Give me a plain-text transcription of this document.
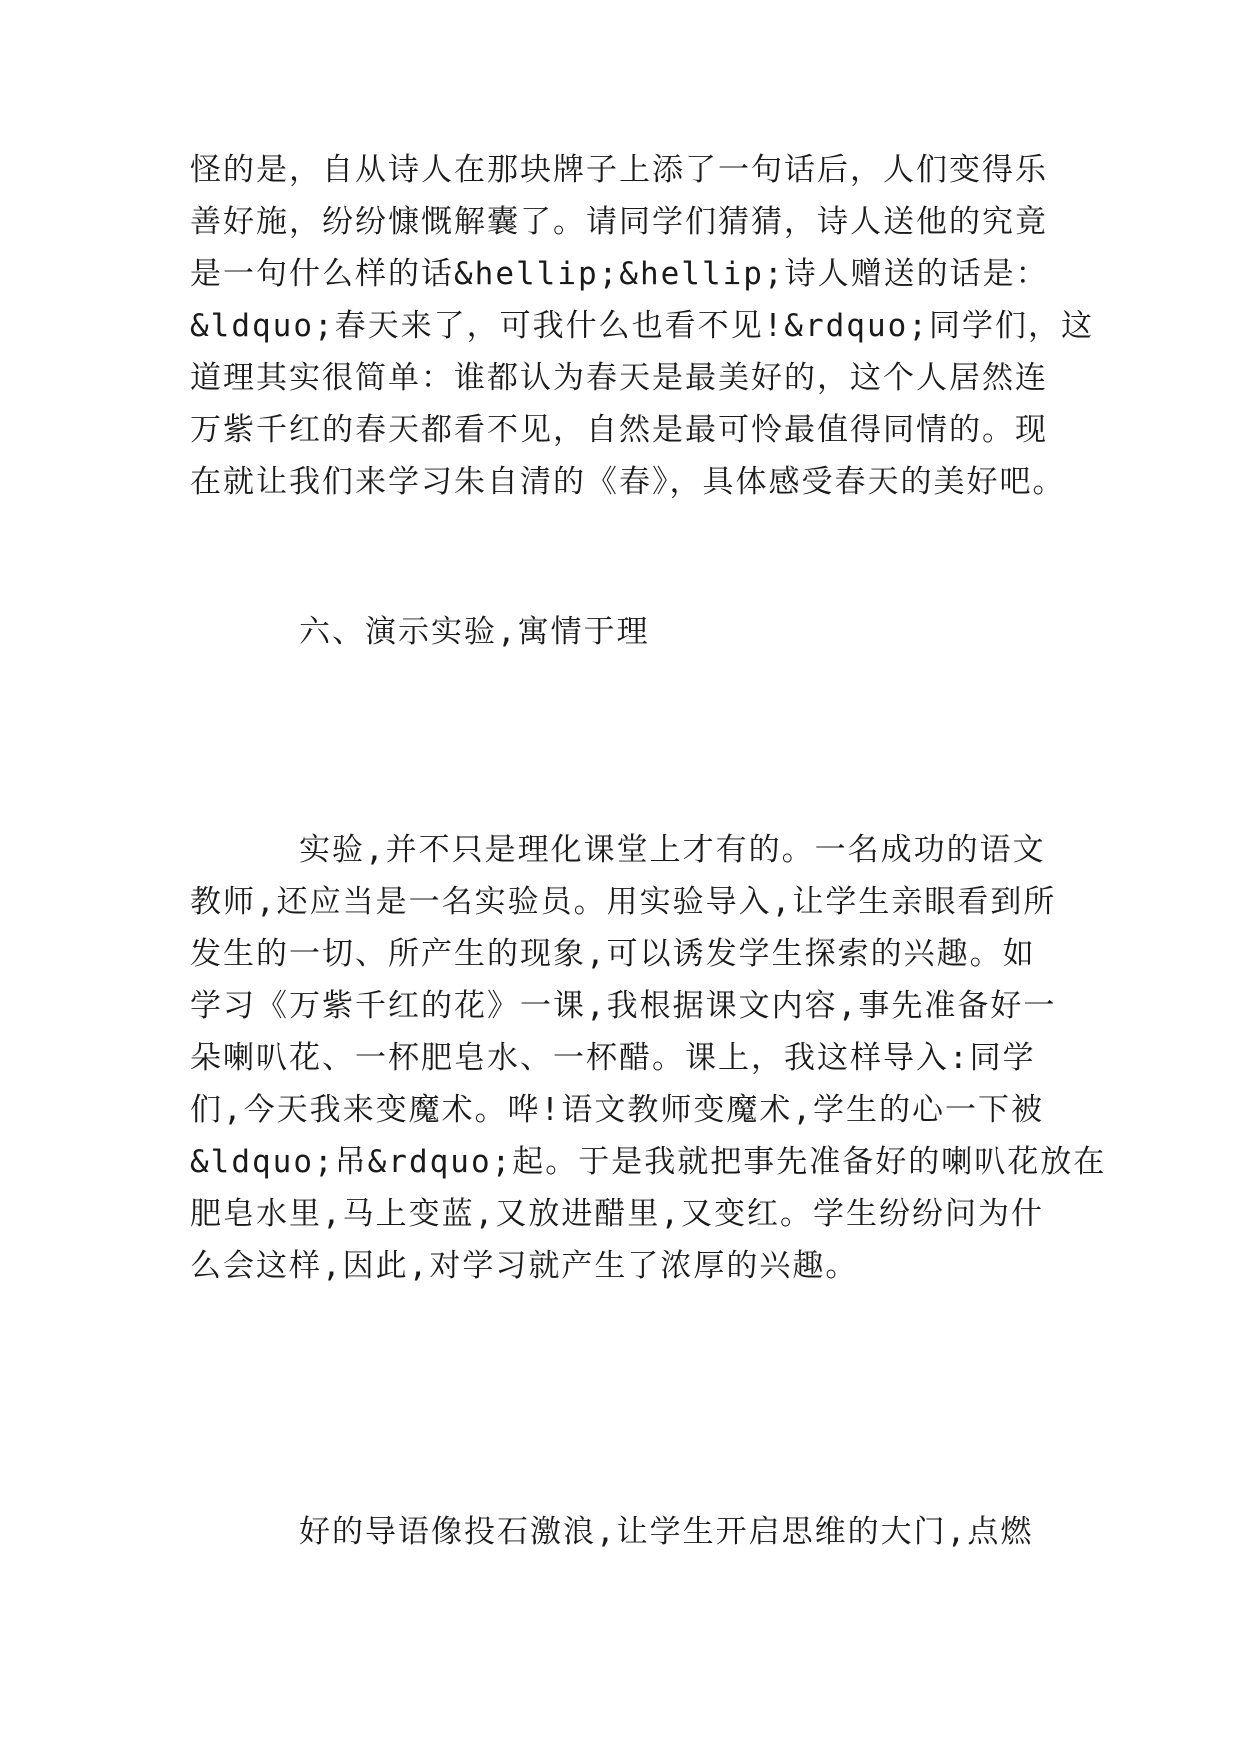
怪的是，自从诗人在那块牌子上添了一句话后，人们变得乐
善好施，纷纷慷慨解囊了。请同学们猜猜，诗人送他的究竟
是一句什么样的话&hellip;&hellip;诗人赠送的话是：
&ldquo;春天来了，可我什么也看不见!&rdquo;同学们，这
道理其实很简单：谁都认为春天是最美好的，这个人居然连
万紫千红的春天都看不见，自然是最可怜最值得同情的。现
在就让我们来学习朱自清的《春》，具体感受春天的美好吧。
六、演示实验,寓情于理
实验,并不只是理化课堂上才有的。一名成功的语文
教师,还应当是一名实验员。用实验导入,让学生亲眼看到所
发生的一切、所产生的现象,可以诱发学生探索的兴趣。如
学习《万紫千红的花》一课,我根据课文内容,事先准备好一
朵喇叭花、一杯肥皂水、一杯醋。课上，我这样导入:同学
们,今天我来变魔术。哗!语文教师变魔术,学生的心一下被
&ldquo;吊&rdquo;起。于是我就把事先准备好的喇叭花放在
肥皂水里,马上变蓝,又放进醋里,又变红。学生纷纷问为什
么会这样,因此,对学习就产生了浓厚的兴趣。
好的导语像投石激浪,让学生开启思维的大门,点燃
